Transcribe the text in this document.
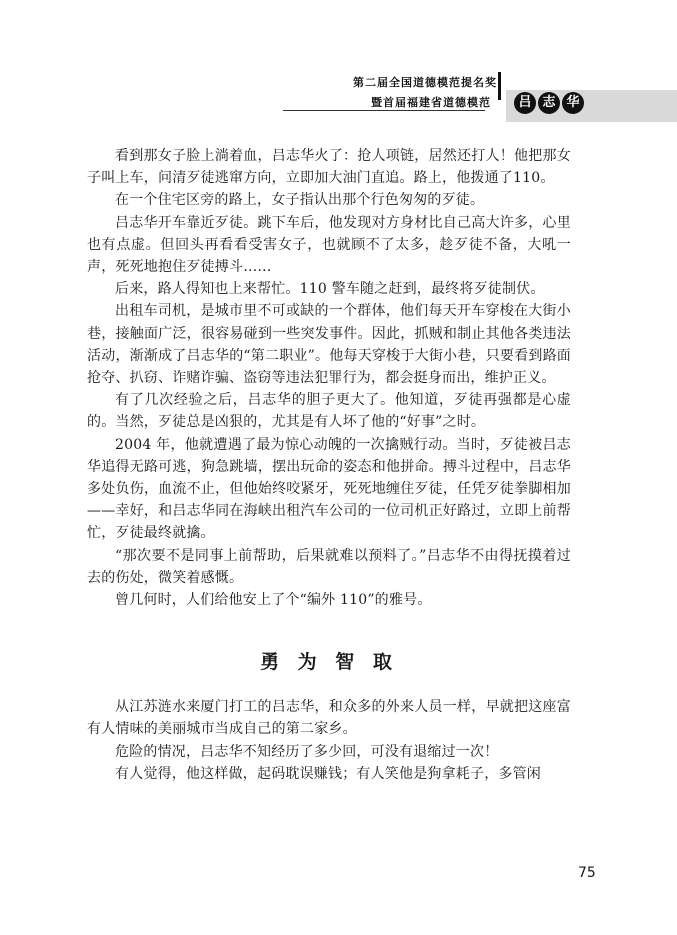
第二届全国道德模范提名奖
暨首届福建省道德模范	吕 志 华

看到那女子脸上淌着血，吕志华火了：抢人项链，居然还打人！他把那女子叫上车，问清歹徒逃窜方向，立即加大油门直追。路上，他拨通了110。

在一个住宅区旁的路上，女子指认出那个行色匆匆的歹徒。

吕志华开车靠近歹徒。跳下车后，他发现对方身材比自己高大许多，心里也有点虚。但回头再看看受害女子，也就顾不了太多，趁歹徒不备，大吼一声，死死地抱住歹徒搏斗……

后来，路人得知也上来帮忙。110 警车随之赶到，最终将歹徒制伏。

出租车司机，是城市里不可或缺的一个群体，他们每天开车穿梭在大街小巷，接触面广泛，很容易碰到一些突发事件。因此，抓贼和制止其他各类违法活动，渐渐成了吕志华的“第二职业”。他每天穿梭于大街小巷，只要看到路面抢夺、扒窃、诈赌诈骗、盗窃等违法犯罪行为，都会挺身而出，维护正义。

有了几次经验之后，吕志华的胆子更大了。他知道，歹徒再强都是心虚的。当然，歹徒总是凶狠的，尤其是有人坏了他的“好事”之时。

2004 年，他就遭遇了最为惊心动魄的一次擒贼行动。当时，歹徒被吕志华追得无路可逃，狗急跳墙，摆出玩命的姿态和他拼命。搏斗过程中，吕志华多处负伤，血流不止，但他始终咬紧牙，死死地缠住歹徒，任凭歹徒拳脚相加——幸好，和吕志华同在海峡出租汽车公司的一位司机正好路过，立即上前帮忙，歹徒最终就擒。

“那次要不是同事上前帮助，后果就难以预料了。”吕志华不由得抚摸着过去的伤处，微笑着感慨。

曾几何时，人们给他安上了个“编外 110”的雅号。

勇 为 智 取

从江苏涟水来厦门打工的吕志华，和众多的外来人员一样，早就把这座富有人情味的美丽城市当成自己的第二家乡。

危险的情况，吕志华不知经历了多少回，可没有退缩过一次！

有人觉得，他这样做，起码耽误赚钱；有人笑他是狗拿耗子，多管闲

75
